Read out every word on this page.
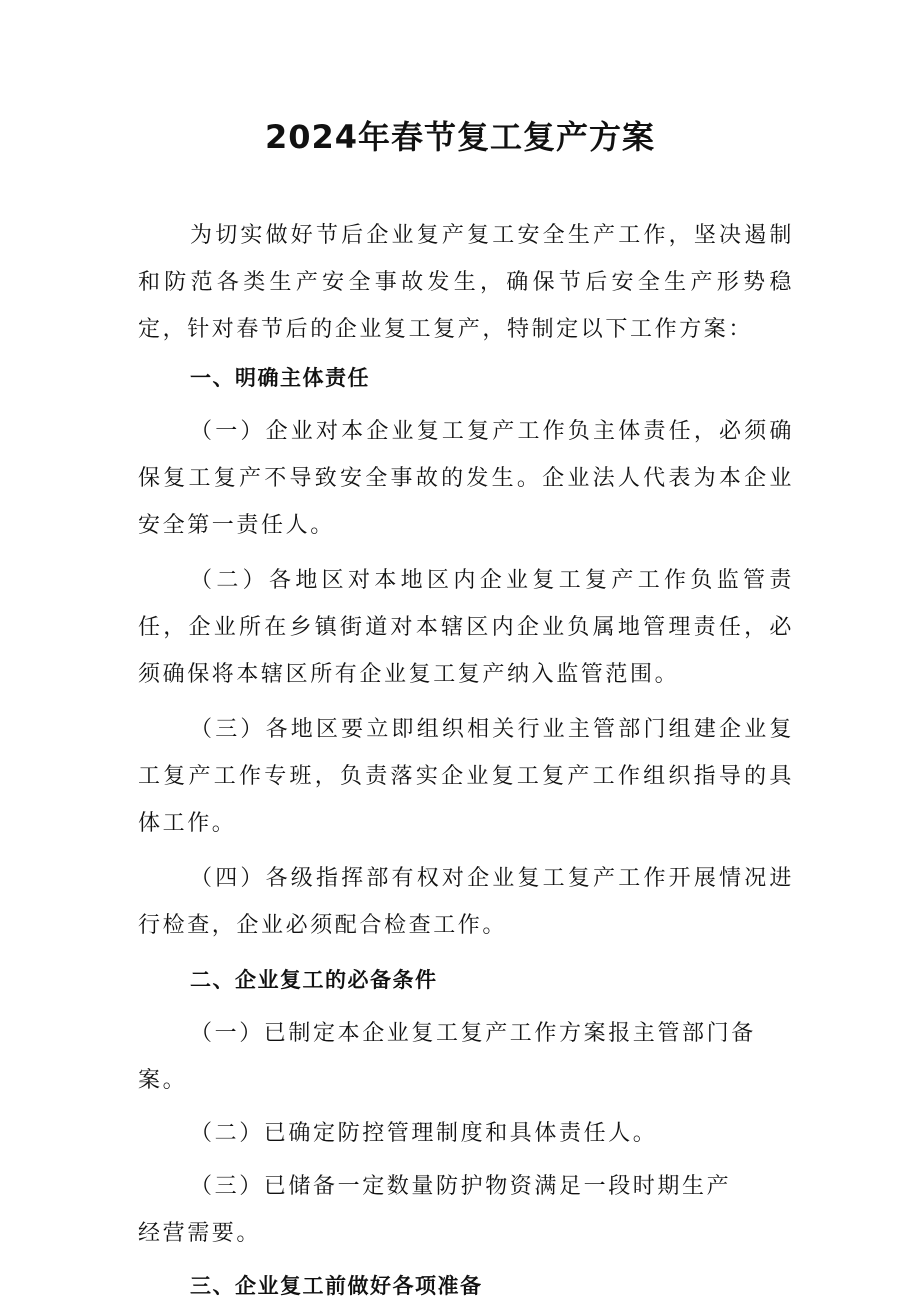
2024年春节复工复产方案

为切实做好节后企业复产复工安全生产工作，坚决遏制和防范各类生产安全事故发生，确保节后安全生产形势稳定，针对春节后的企业复工复产，特制定以下工作方案：

一、明确主体责任

（一）企业对本企业复工复产工作负主体责任，必须确保复工复产不导致安全事故的发生。企业法人代表为本企业安全第一责任人。

（二）各地区对本地区内企业复工复产工作负监管责任，企业所在乡镇街道对本辖区内企业负属地管理责任，必须确保将本辖区所有企业复工复产纳入监管范围。

（三）各地区要立即组织相关行业主管部门组建企业复工复产工作专班，负责落实企业复工复产工作组织指导的具体工作。

（四）各级指挥部有权对企业复工复产工作开展情况进行检查，企业必须配合检查工作。

二、企业复工的必备条件

（一）已制定本企业复工复产工作方案报主管部门备案。

（二）已确定防控管理制度和具体责任人。

（三）已储备一定数量防护物资满足一段时期生产经营需要。

三、企业复工前做好各项准备
